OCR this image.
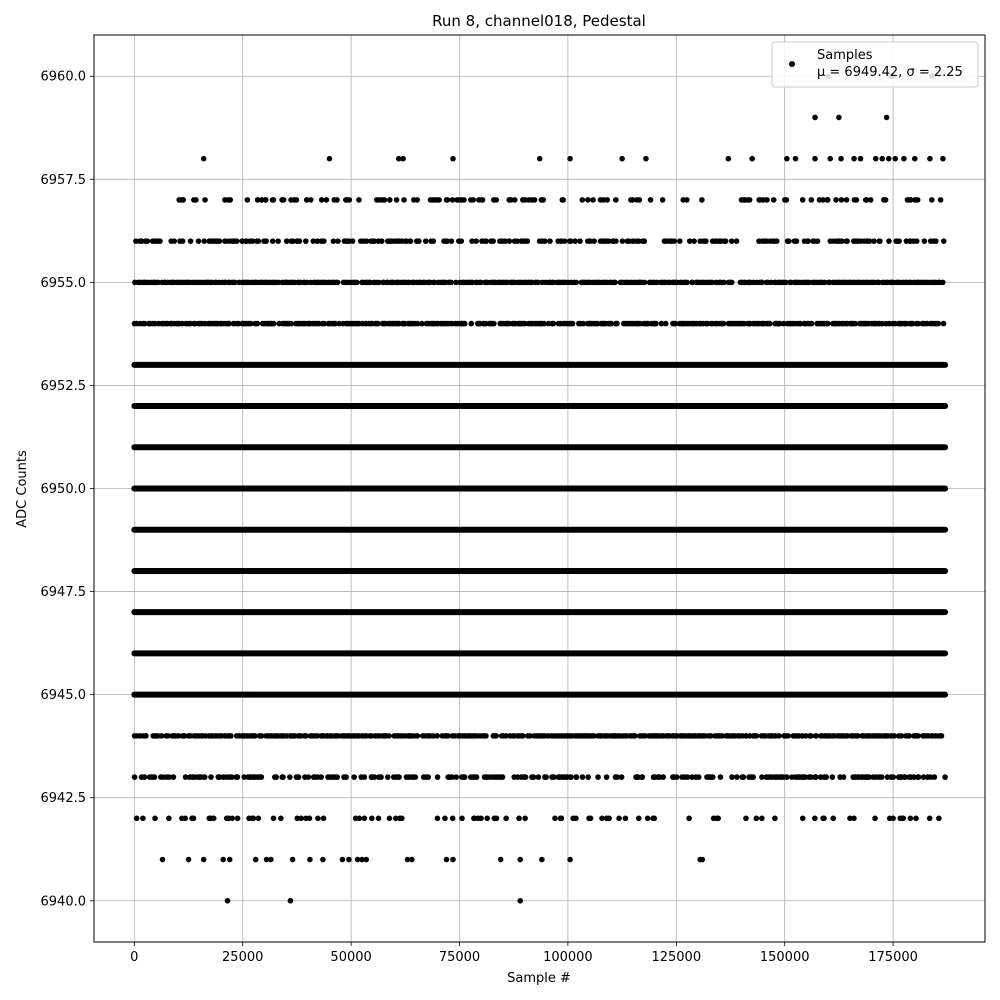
0	25000	50000	75000	100000	125000	150000	175000
6940.0
6942.5
6945.0
6947.5
6950.0
6952.5
6955.0
6957.5
6960.0
Run 8, channel018, Pedestal
Sample #
ADC Counts
Samples
μ = 6949.42, σ = 2.25
